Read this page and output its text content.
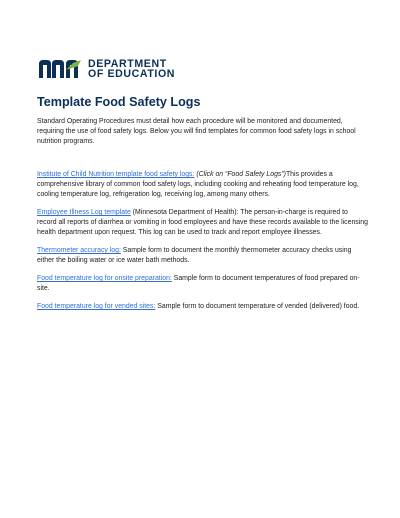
DEPARTMENT
OF EDUCATION
Template Food Safety Logs

Standard Operating Procedures must detail how each procedure will be monitored and documented, requiring the use of food safety logs. Below you will find templates for common food safety logs in school nutrition programs.

Institute of Child Nutrition template food safety logs: (Click on “Food Safety Logs”)This provides a comprehensive library of common food safety logs, including cooking and reheating food temperature log, cooling temperature log, refrigeration log, receiving log, among many others.

Employee Illness Log template (Minnesota Department of Health): The person-in-charge is required to record all reports of diarrhea or vomiting in food employees and have these records available to the licensing health department upon request. This log can be used to track and report employee illnesses.

Thermometer accuracy log: Sample form to document the monthly thermometer accuracy checks using either the boiling water or ice water bath methods.

Food temperature log for onsite preparation: Sample form to document temperatures of food prepared on-site.

Food temperature log for vended sites: Sample form to document temperature of vended (delivered) food.
